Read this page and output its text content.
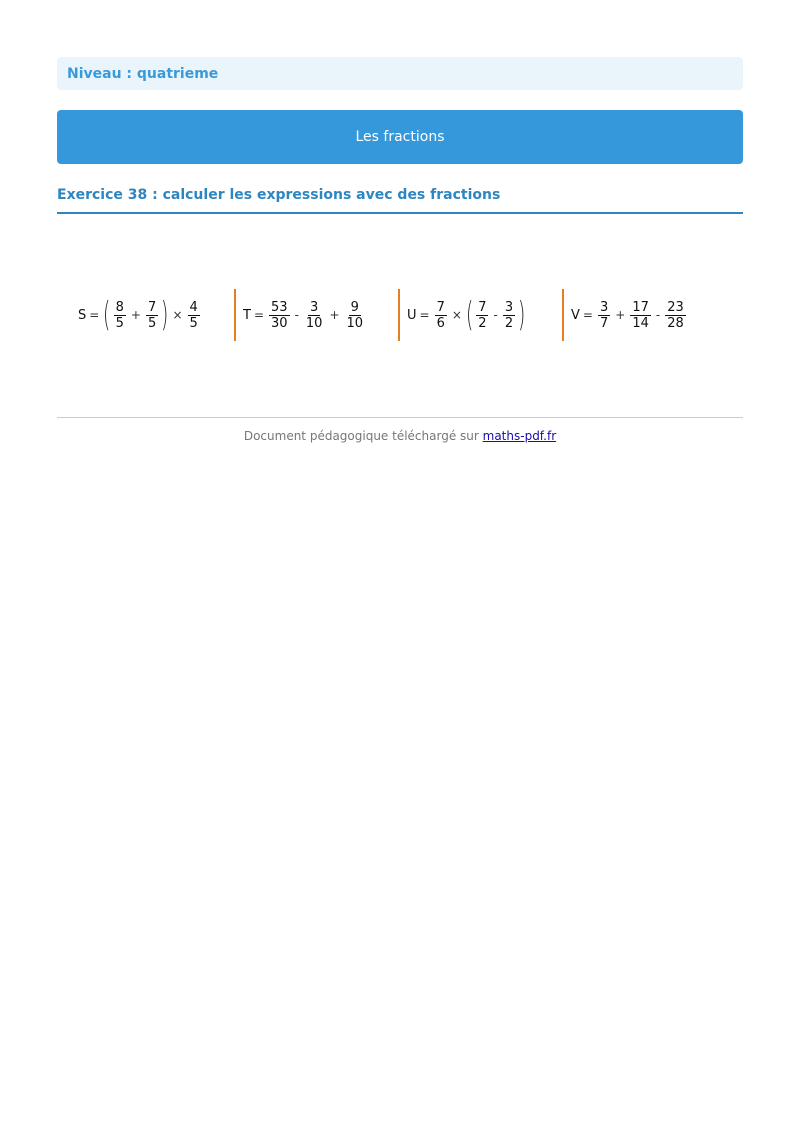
Niveau : quatrieme
Les fractions
Exercice 38 : calculer les expressions avec des fractions
S = ( $\frac{8}{5} + \frac{7}{5}$ ) × $\frac{4}{5}$	$T = \frac{53}{30} - \frac{3}{10} + \frac{9}{10}$	$U = \frac{7}{6}$ × ( $\frac{7}{2} - \frac{3}{2}$ )	$V = \frac{3}{7} + \frac{17}{14} - \frac{23}{28}$
Document pédagogique téléchargé sur maths-pdf.fr
